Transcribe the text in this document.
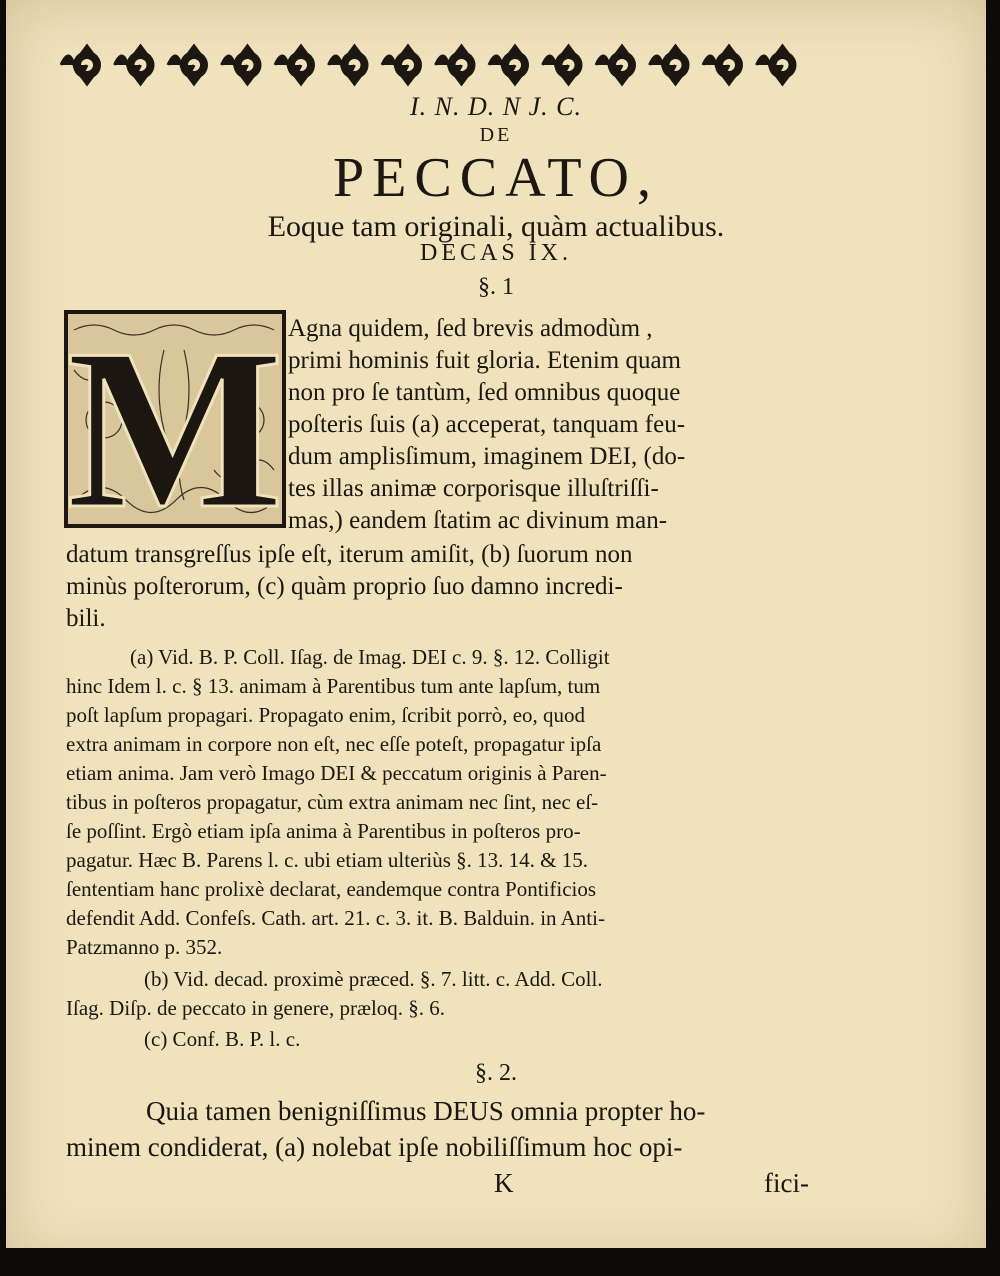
I. N. D. N J. C.
DE
PECCATO,
Eoque tam originali, quàm actualibus.
DECAS IX.
§. 1
M Agna quidem, ſed brevis admodùm ,
primi hominis fuit gloria. Etenim quam
non pro ſe tantùm, ſed omnibus quoque
poſteris ſuis (a) acceperat, tanquam feu-
dum amplisſimum, imaginem DEI, (do-
tes illas animæ corporisque illuſtriſſi-
mas,) eandem ſtatim ac divinum man-
datum transgreſſus ipſe eſt, iterum amiſit, (b) ſuorum non
minùs poſterorum, (c) quàm proprio ſuo damno incredi-
bili.
(a) Vid. B. P. Coll. Iſag. de Imag. DEI c. 9. §. 12. Colligit
hinc Idem l. c. § 13. animam à Parentibus tum ante lapſum, tum
poſt lapſum propagari. Propagato enim, ſcribit porrò, eo, quod
extra animam in corpore non eſt, nec eſſe poteſt, propagatur ipſa
etiam anima. Jam verò Imago DEI & peccatum originis à Paren-
tibus in poſteros propagatur, cùm extra animam nec ſint, nec eſ-
ſe poſſint. Ergò etiam ipſa anima à Parentibus in poſteros pro-
pagatur. Hæc B. Parens l. c. ubi etiam ulteriùs §. 13. 14. & 15.
ſententiam hanc prolixè declarat, eandemque contra Pontificios
defendit Add. Confeſs. Cath. art. 21. c. 3. it. B. Balduin. in Anti-
Patzmanno p. 352.
(b) Vid. decad. proximè præced. §. 7. litt. c. Add. Coll.
Iſag. Diſp. de peccato in genere, præloq. §. 6.
(c) Conf. B. P. l. c.
§. 2.
Quia tamen benigniſſimus DEUS omnia propter ho-
minem condiderat, (a) nolebat ipſe nobiliſſimum hoc opi-
K	fici-
